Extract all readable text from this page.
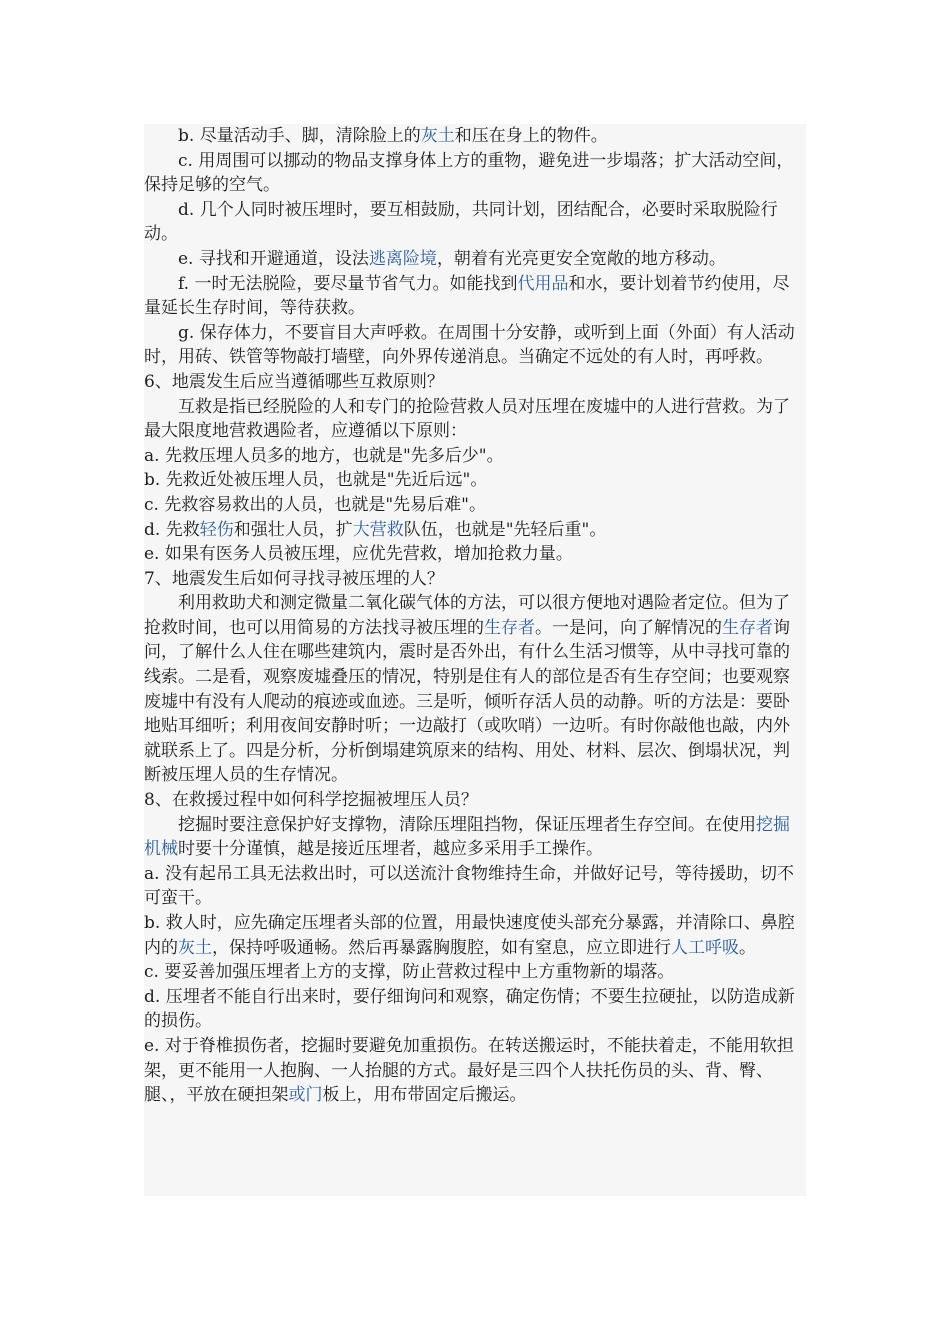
b. 尽量活动手、脚，清除脸上的灰土和压在身上的物件。

c. 用周围可以挪动的物品支撑身体上方的重物，避免进一步塌落；扩大活动空间，保持足够的空气。

d. 几个人同时被压埋时，要互相鼓励，共同计划，团结配合，必要时采取脱险行动。

e. 寻找和开避通道，设法逃离险境，朝着有光亮更安全宽敞的地方移动。

f. 一时无法脱险，要尽量节省气力。如能找到代用品和水，要计划着节约使用，尽量延长生存时间，等待获救。

g. 保存体力，不要盲目大声呼救。在周围十分安静，或听到上面（外面）有人活动时，用砖、铁管等物敲打墙壁，向外界传递消息。当确定不远处的有人时，再呼救。

6、地震发生后应当遵循哪些互救原则？

互救是指已经脱险的人和专门的抢险营救人员对压埋在废墟中的人进行营救。为了最大限度地营救遇险者，应遵循以下原则：

a. 先救压埋人员多的地方，也就是"先多后少"。

b. 先救近处被压埋人员，也就是"先近后远"。

c. 先救容易救出的人员，也就是"先易后难"。

d. 先救轻伤和强壮人员，扩大营救队伍，也就是"先轻后重"。

e. 如果有医务人员被压埋，应优先营救，增加抢救力量。

7、地震发生后如何寻找寻被压埋的人？

利用救助犬和测定微量二氧化碳气体的方法，可以很方便地对遇险者定位。但为了抢救时间，也可以用简易的方法找寻被压埋的生存者。一是问，向了解情况的生存者询问，了解什么人住在哪些建筑内，震时是否外出，有什么生活习惯等，从中寻找可靠的线索。二是看，观察废墟叠压的情况，特别是住有人的部位是否有生存空间；也要观察废墟中有没有人爬动的痕迹或血迹。三是听，倾听存活人员的动静。听的方法是：要卧地贴耳细听；利用夜间安静时听；一边敲打（或吹哨）一边听。有时你敲他也敲，内外就联系上了。四是分析，分析倒塌建筑原来的结构、用处、材料、层次、倒塌状况，判断被压埋人员的生存情况。

8、在救援过程中如何科学挖掘被埋压人员？

挖掘时要注意保护好支撑物，清除压埋阻挡物，保证压埋者生存空间。在使用挖掘机械时要十分谨慎，越是接近压埋者，越应多采用手工操作。

a. 没有起吊工具无法救出时，可以送流汁食物维持生命，并做好记号，等待援助，切不可蛮干。

b. 救人时，应先确定压埋者头部的位置，用最快速度使头部充分暴露，并清除口、鼻腔内的灰土，保持呼吸通畅。然后再暴露胸腹腔，如有窒息，应立即进行人工呼吸。

c. 要妥善加强压埋者上方的支撑，防止营救过程中上方重物新的塌落。

d. 压埋者不能自行出来时，要仔细询问和观察，确定伤情；不要生拉硬扯，以防造成新的损伤。

e. 对于脊椎损伤者，挖掘时要避免加重损伤。在转送搬运时，不能扶着走，不能用软担架，更不能用一人抱胸、一人抬腿的方式。最好是三四个人扶托伤员的头、背、臀、腿、，平放在硬担架或门板上，用布带固定后搬运。
